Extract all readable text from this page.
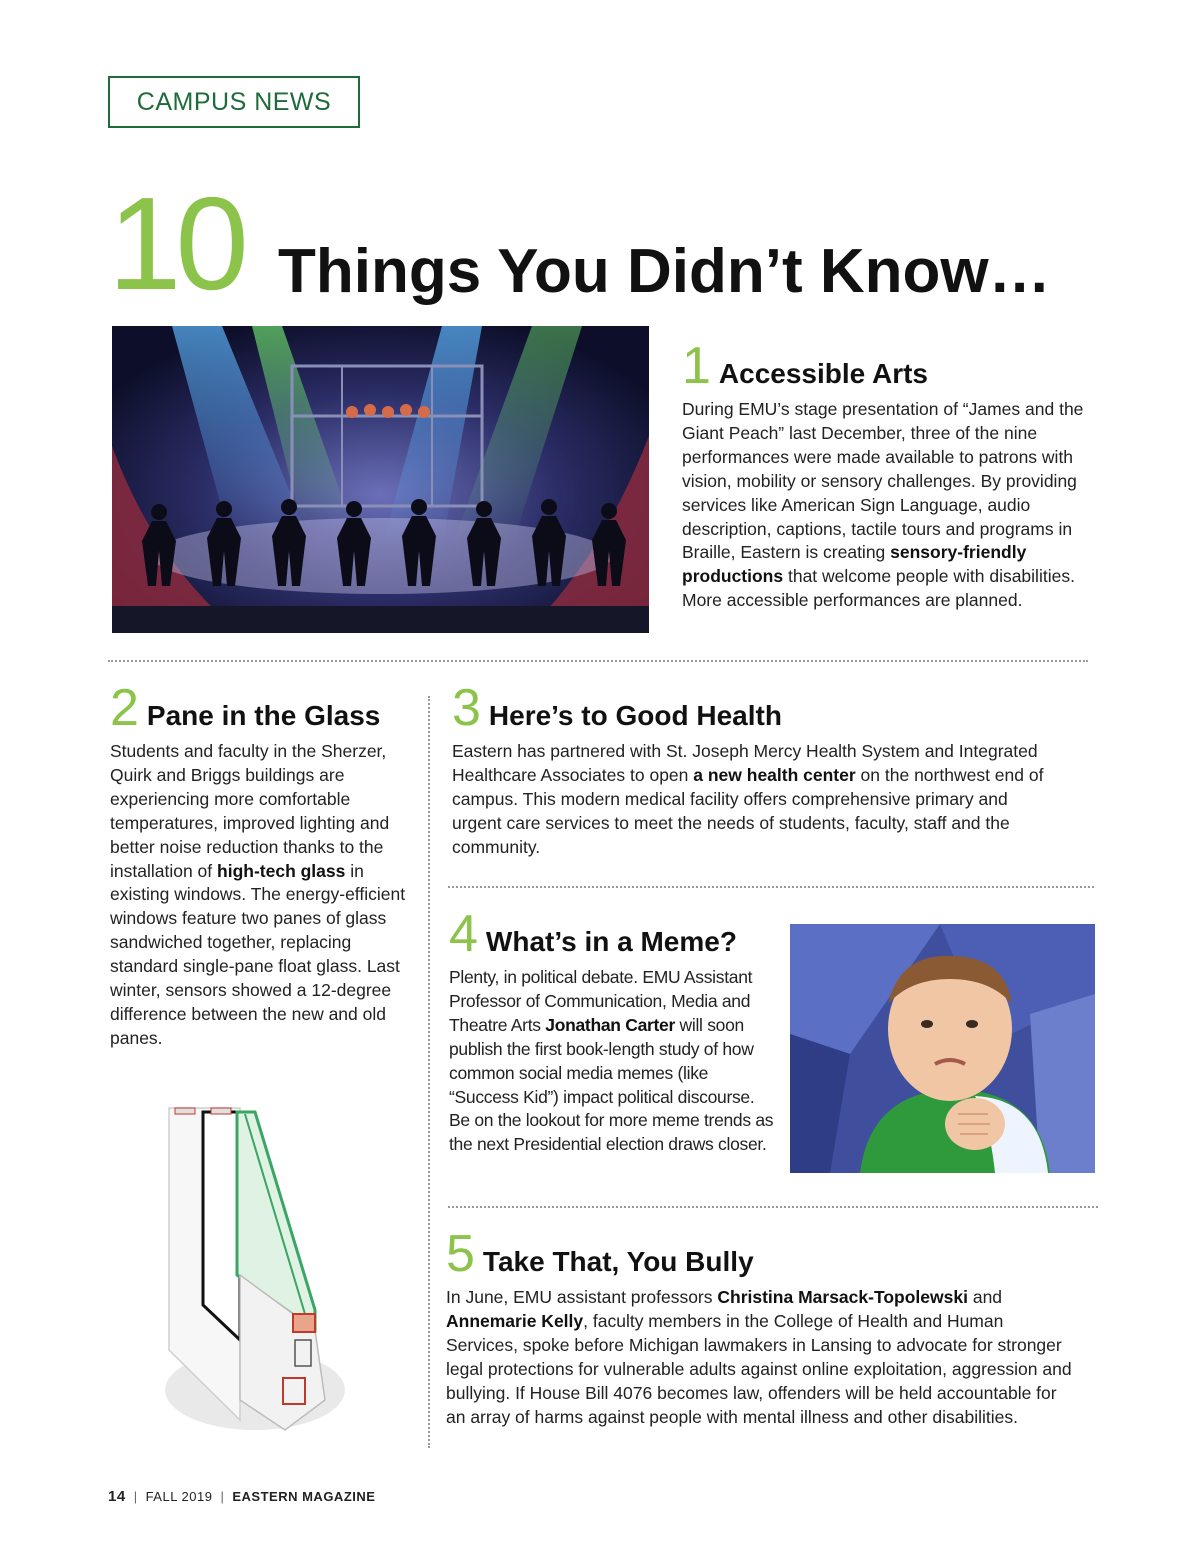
CAMPUS NEWS
10 Things You Didn’t Know…
1 Accessible Arts
During EMU’s stage presentation of “James and the Giant Peach” last December, three of the nine performances were made available to patrons with vision, mobility or sensory challenges. By providing services like American Sign Language, audio description, captions, tactile tours and programs in Braille, Eastern is creating sensory-friendly productions that welcome people with disabilities. More accessible performances are planned.
2 Pane in the Glass
Students and faculty in the Sherzer, Quirk and Briggs buildings are experiencing more comfortable temperatures, improved lighting and better noise reduction thanks to the installation of high-tech glass in existing windows. The energy-efficient windows feature two panes of glass sandwiched together, replacing standard single-pane float glass. Last winter, sensors showed a 12-degree difference between the new and old panes.
3 Here’s to Good Health
Eastern has partnered with St. Joseph Mercy Health System and Integrated Healthcare Associates to open a new health center on the northwest end of campus. This modern medical facility offers comprehensive primary and urgent care services to meet the needs of students, faculty, staff and the community.
4 What’s in a Meme?
Plenty, in political debate. EMU Assistant Professor of Communication, Media and Theatre Arts Jonathan Carter will soon publish the first book-length study of how common social media memes (like “Success Kid”) impact political discourse. Be on the lookout for more meme trends as the next Presidential election draws closer.
5 Take That, You Bully
In June, EMU assistant professors Christina Marsack-Topolewski and Annemarie Kelly, faculty members in the College of Health and Human Services, spoke before Michigan lawmakers in Lansing to advocate for stronger legal protections for vulnerable adults against online exploitation, aggression and bullying. If House Bill 4076 becomes law, offenders will be held accountable for an array of harms against people with mental illness and other disabilities.
14 | FALL 2019 | EASTERN MAGAZINE
